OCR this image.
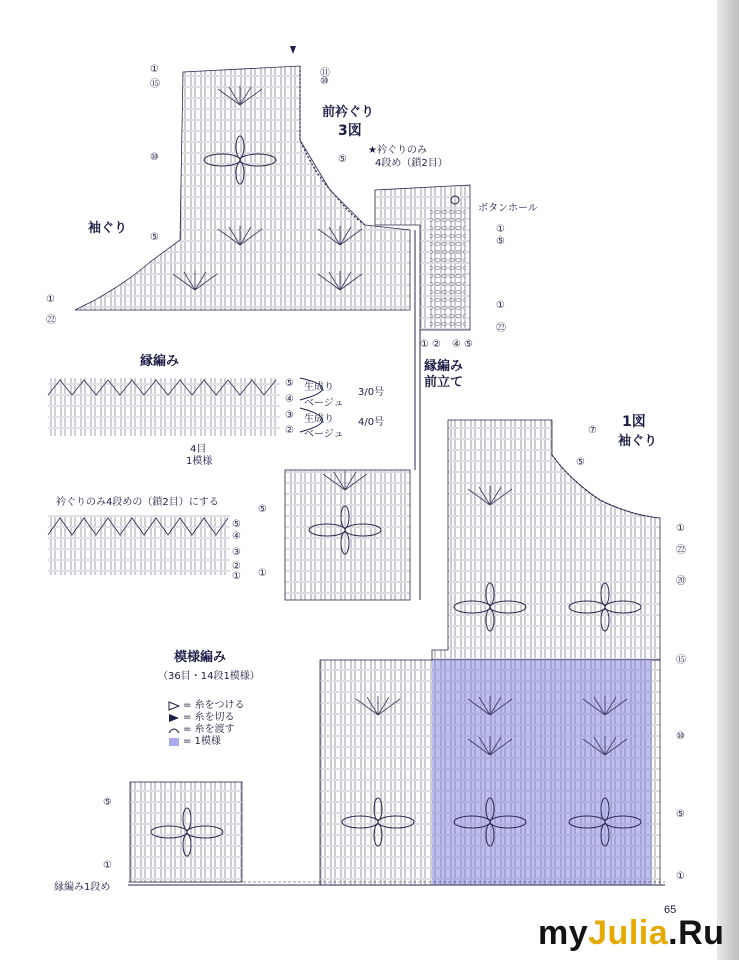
前衿ぐり
3図
★衿ぐりのみ
4段め（鎖2目）
ボタンホール
袖ぐり
縁編み
前立て
縁編み
⑤ 生成り 3/0号
④ ベージュ
③ 生成り 4/0号
② ベージュ
4目
1模様
衿ぐりのみ4段めの（鎖2目）にする
1図
袖ぐり
模様編み
（36目・14段1模様）
= 糸をつける
= 糸を切る
= 糸を渡す
= 1模様
①
⑮
⑩
⑤
①
㉒
⑪
⑩
⑤
① ② ④ ⑤
①
⑤
①
㉒
⑤
④
③
②
①
⑦
⑤
①
㉒
⑳
⑮
⑩
⑤
①
⑤
①
⑤
①
縁編み1段め
65
myJulia.Ru
